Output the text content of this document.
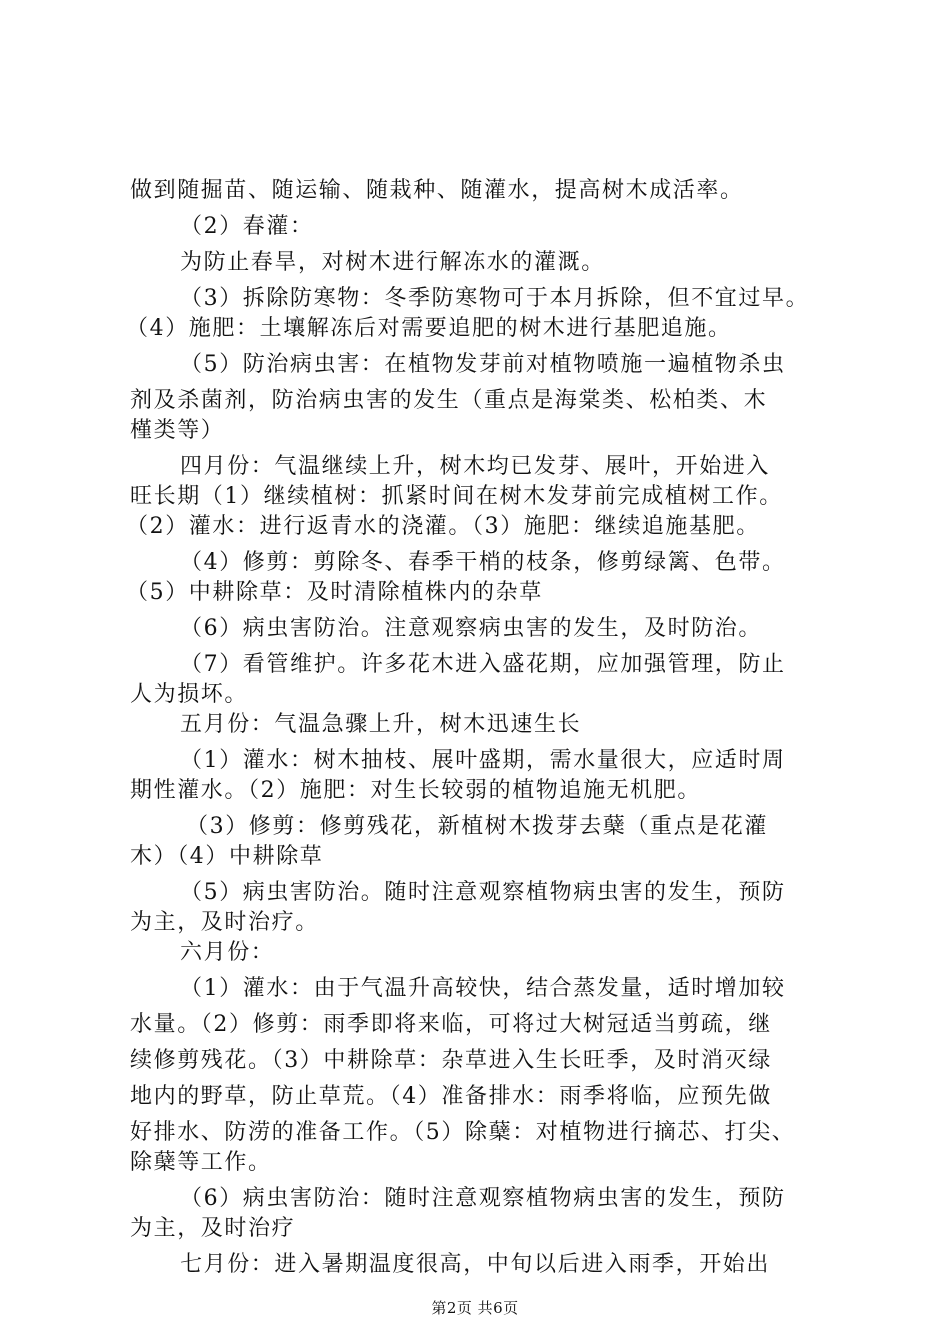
做到随掘苗、随运输、随栽种、随灌水，提高树木成活率。
（2）春灌：
为防止春旱，对树木进行解冻水的灌溉。
（3）拆除防寒物：冬季防寒物可于本月拆除，但不宜过早。
（4）施肥：土壤解冻后对需要追肥的树木进行基肥追施。
（5）防治病虫害：在植物发芽前对植物喷施一遍植物杀虫
剂及杀菌剂，防治病虫害的发生（重点是海棠类、松柏类、木
槿类等）
四月份：气温继续上升，树木均已发芽、展叶，开始进入
旺长期（1）继续植树：抓紧时间在树木发芽前完成植树工作。
（2）灌水：进行返青水的浇灌。（3）施肥：继续追施基肥。
（4）修剪：剪除冬、春季干梢的枝条，修剪绿篱、色带。
（5）中耕除草：及时清除植株内的杂草
（6）病虫害防治。注意观察病虫害的发生，及时防治。
（7）看管维护。许多花木进入盛花期，应加强管理，防止
人为损坏。
五月份：气温急骤上升，树木迅速生长
（1）灌水：树木抽枝、展叶盛期，需水量很大，应适时周
期性灌水。（2）施肥：对生长较弱的植物追施无机肥。
（3）修剪：修剪残花，新植树木拨芽去蘖（重点是花灌
木）（4）中耕除草
（5）病虫害防治。随时注意观察植物病虫害的发生，预防
为主，及时治疗。
六月份：
（1）灌水：由于气温升高较快，结合蒸发量，适时增加较
水量。（2）修剪：雨季即将来临，可将过大树冠适当剪疏，继
续修剪残花。（3）中耕除草：杂草进入生长旺季，及时消灭绿
地内的野草，防止草荒。（4）准备排水：雨季将临，应预先做
好排水、防涝的准备工作。（5）除蘖：对植物进行摘芯、打尖、
除蘖等工作。
（6）病虫害防治：随时注意观察植物病虫害的发生，预防
为主，及时治疗
七月份：进入暑期温度很高，中旬以后进入雨季，开始出
第2页 共6页
